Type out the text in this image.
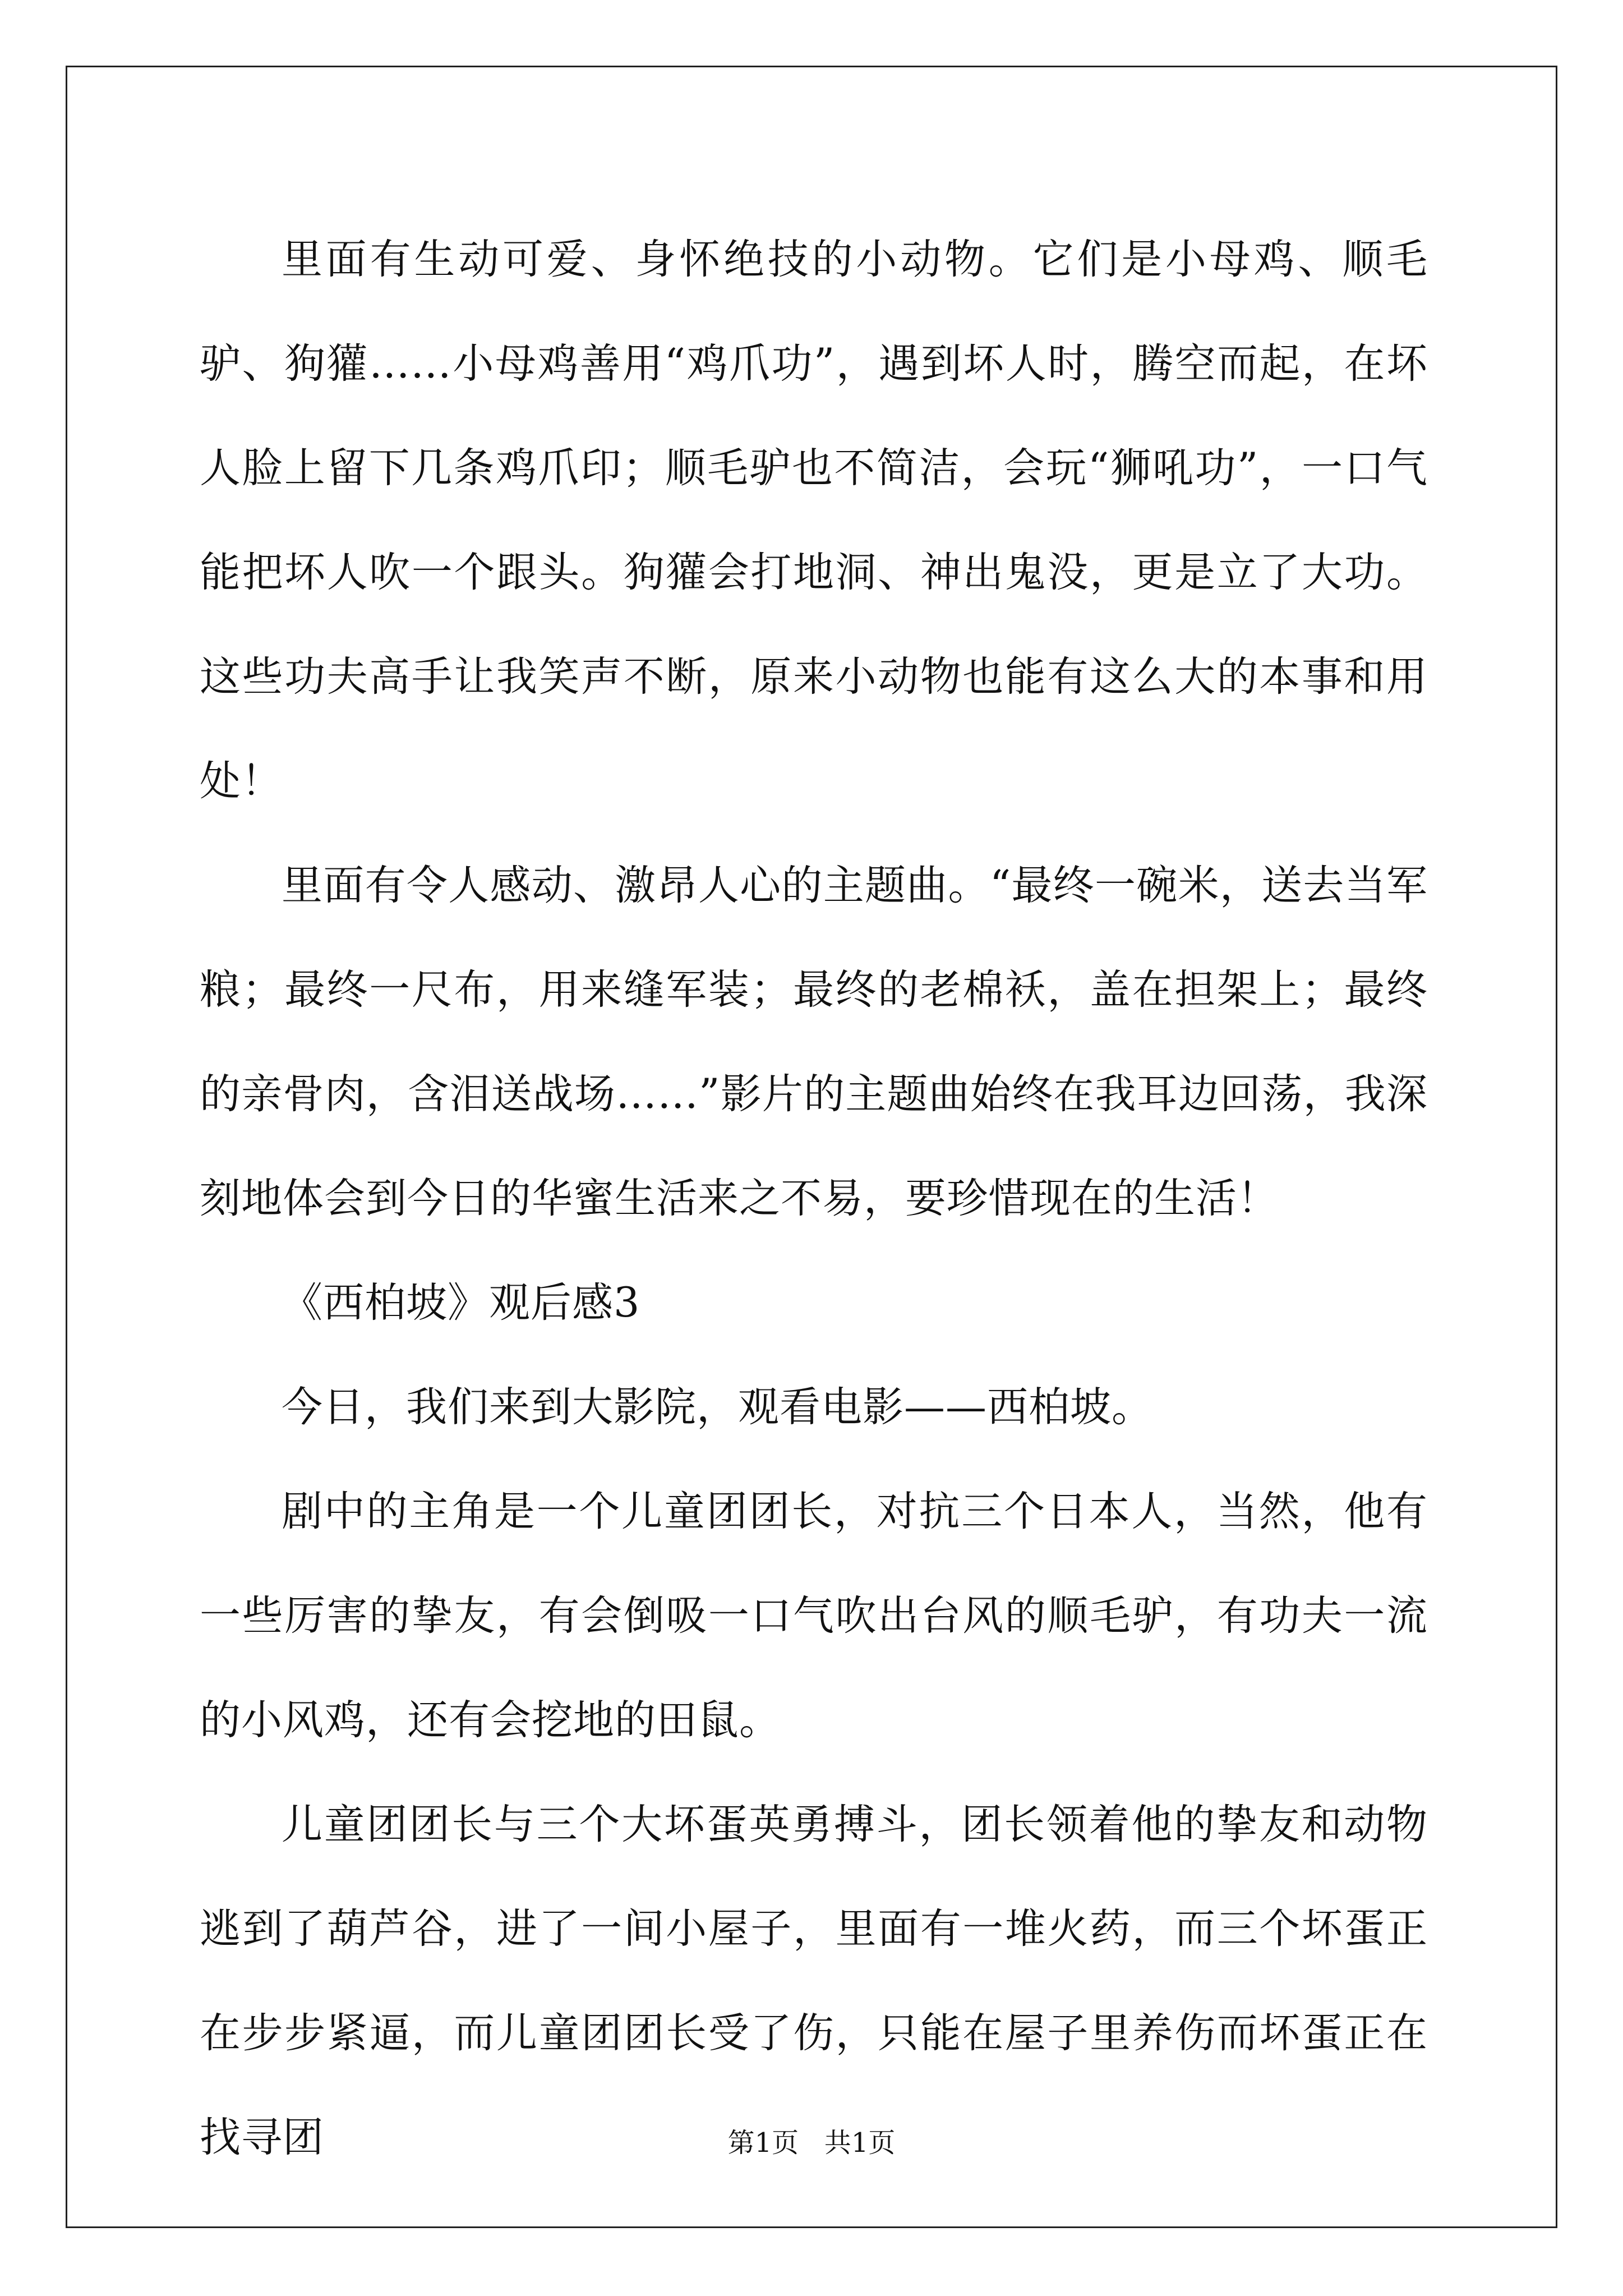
里面有生动可爱、身怀绝技的小动物。它们是小母鸡、顺毛驴、狗獾……小母鸡善用“鸡爪功”，遇到坏人时，腾空而起，在坏人脸上留下几条鸡爪印；顺毛驴也不简洁，会玩“狮吼功”，一口气能把坏人吹一个跟头。狗獾会打地洞、神出鬼没，更是立了大功。这些功夫高手让我笑声不断，原来小动物也能有这么大的本事和用处！

里面有令人感动、激昂人心的主题曲。“最终一碗米，送去当军粮；最终一尺布，用来缝军装；最终的老棉袄，盖在担架上；最终的亲骨肉，含泪送战场……”影片的主题曲始终在我耳边回荡，我深刻地体会到今日的华蜜生活来之不易，要珍惜现在的生活！

《西柏坡》观后感3

今日，我们来到大影院，观看电影——西柏坡。

剧中的主角是一个儿童团团长，对抗三个日本人，当然，他有一些厉害的挚友，有会倒吸一口气吹出台风的顺毛驴，有功夫一流的小风鸡，还有会挖地的田鼠。

儿童团团长与三个大坏蛋英勇搏斗，团长领着他的挚友和动物逃到了葫芦谷，进了一间小屋子，里面有一堆火药，而三个坏蛋正在步步紧逼，而儿童团团长受了伤，只能在屋子里养伤而坏蛋正在找寻团	第1页   共1页
